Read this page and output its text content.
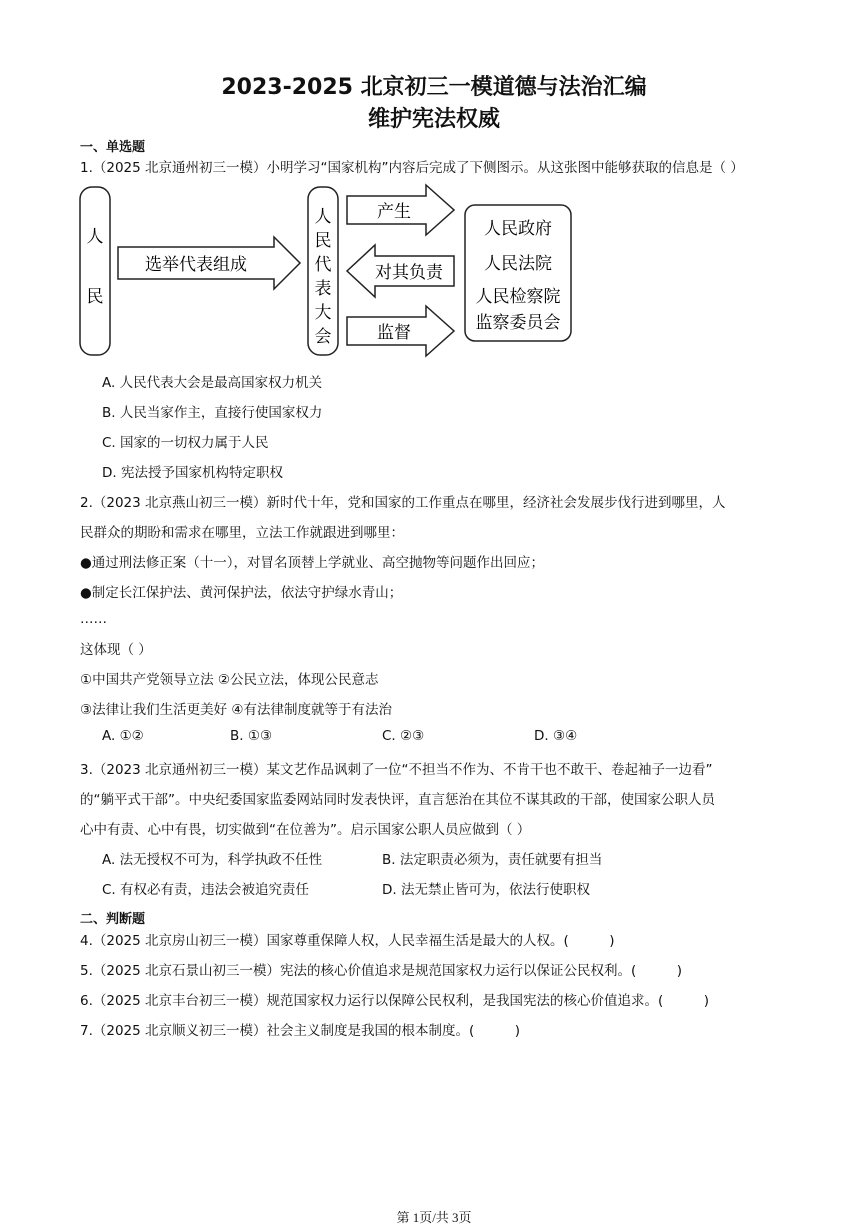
2023-2025 北京初三一模道德与法治汇编
维护宪法权威
一、单选题
1.（2025 北京通州初三一模）小明学习“国家机构”内容后完成了下侧图示。从这张图中能够获取的信息是（ ）
人
民
选举代表组成
人
民
代
表
大
会
产生
对其负责
监督
人民政府
人民法院
人民检察院
监察委员会
A. 人民代表大会是最高国家权力机关
B. 人民当家作主，直接行使国家权力
C. 国家的一切权力属于人民
D. 宪法授予国家机构特定职权
2.（2023 北京燕山初三一模）新时代十年，党和国家的工作重点在哪里，经济社会发展步伐行进到哪里，人
民群众的期盼和需求在哪里，立法工作就跟进到哪里：
●通过刑法修正案（十一），对冒名顶替上学就业、高空抛物等问题作出回应；
●制定长江保护法、黄河保护法，依法守护绿水青山；
……
这体现（ ）
①中国共产党领导立法 ②公民立法，体现公民意志
③法律让我们生活更美好 ④有法律制度就等于有法治
A. ①②	B. ①③	C. ②③	D. ③④
3.（2023 北京通州初三一模）某文艺作品讽刺了一位“不担当不作为、不肯干也不敢干、卷起袖子一边看”
的“躺平式干部”。中央纪委国家监委网站同时发表快评，直言惩治在其位不谋其政的干部，使国家公职人员
心中有责、心中有畏，切实做到“在位善为”。启示国家公职人员应做到（ ）
A. 法无授权不可为，科学执政不任性	B. 法定职责必须为，责任就要有担当
C. 有权必有责，违法会被追究责任	D. 法无禁止皆可为，依法行使职权
二、判断题
4.（2025 北京房山初三一模）国家尊重保障人权，人民幸福生活是最大的人权。(　　　)
5.（2025 北京石景山初三一模）宪法的核心价值追求是规范国家权力运行以保证公民权利。(　　　)
6.（2025 北京丰台初三一模）规范国家权力运行以保障公民权利，是我国宪法的核心价值追求。(　　　)
7.（2025 北京顺义初三一模）社会主义制度是我国的根本制度。(　　　)
第 1页/共 3页
